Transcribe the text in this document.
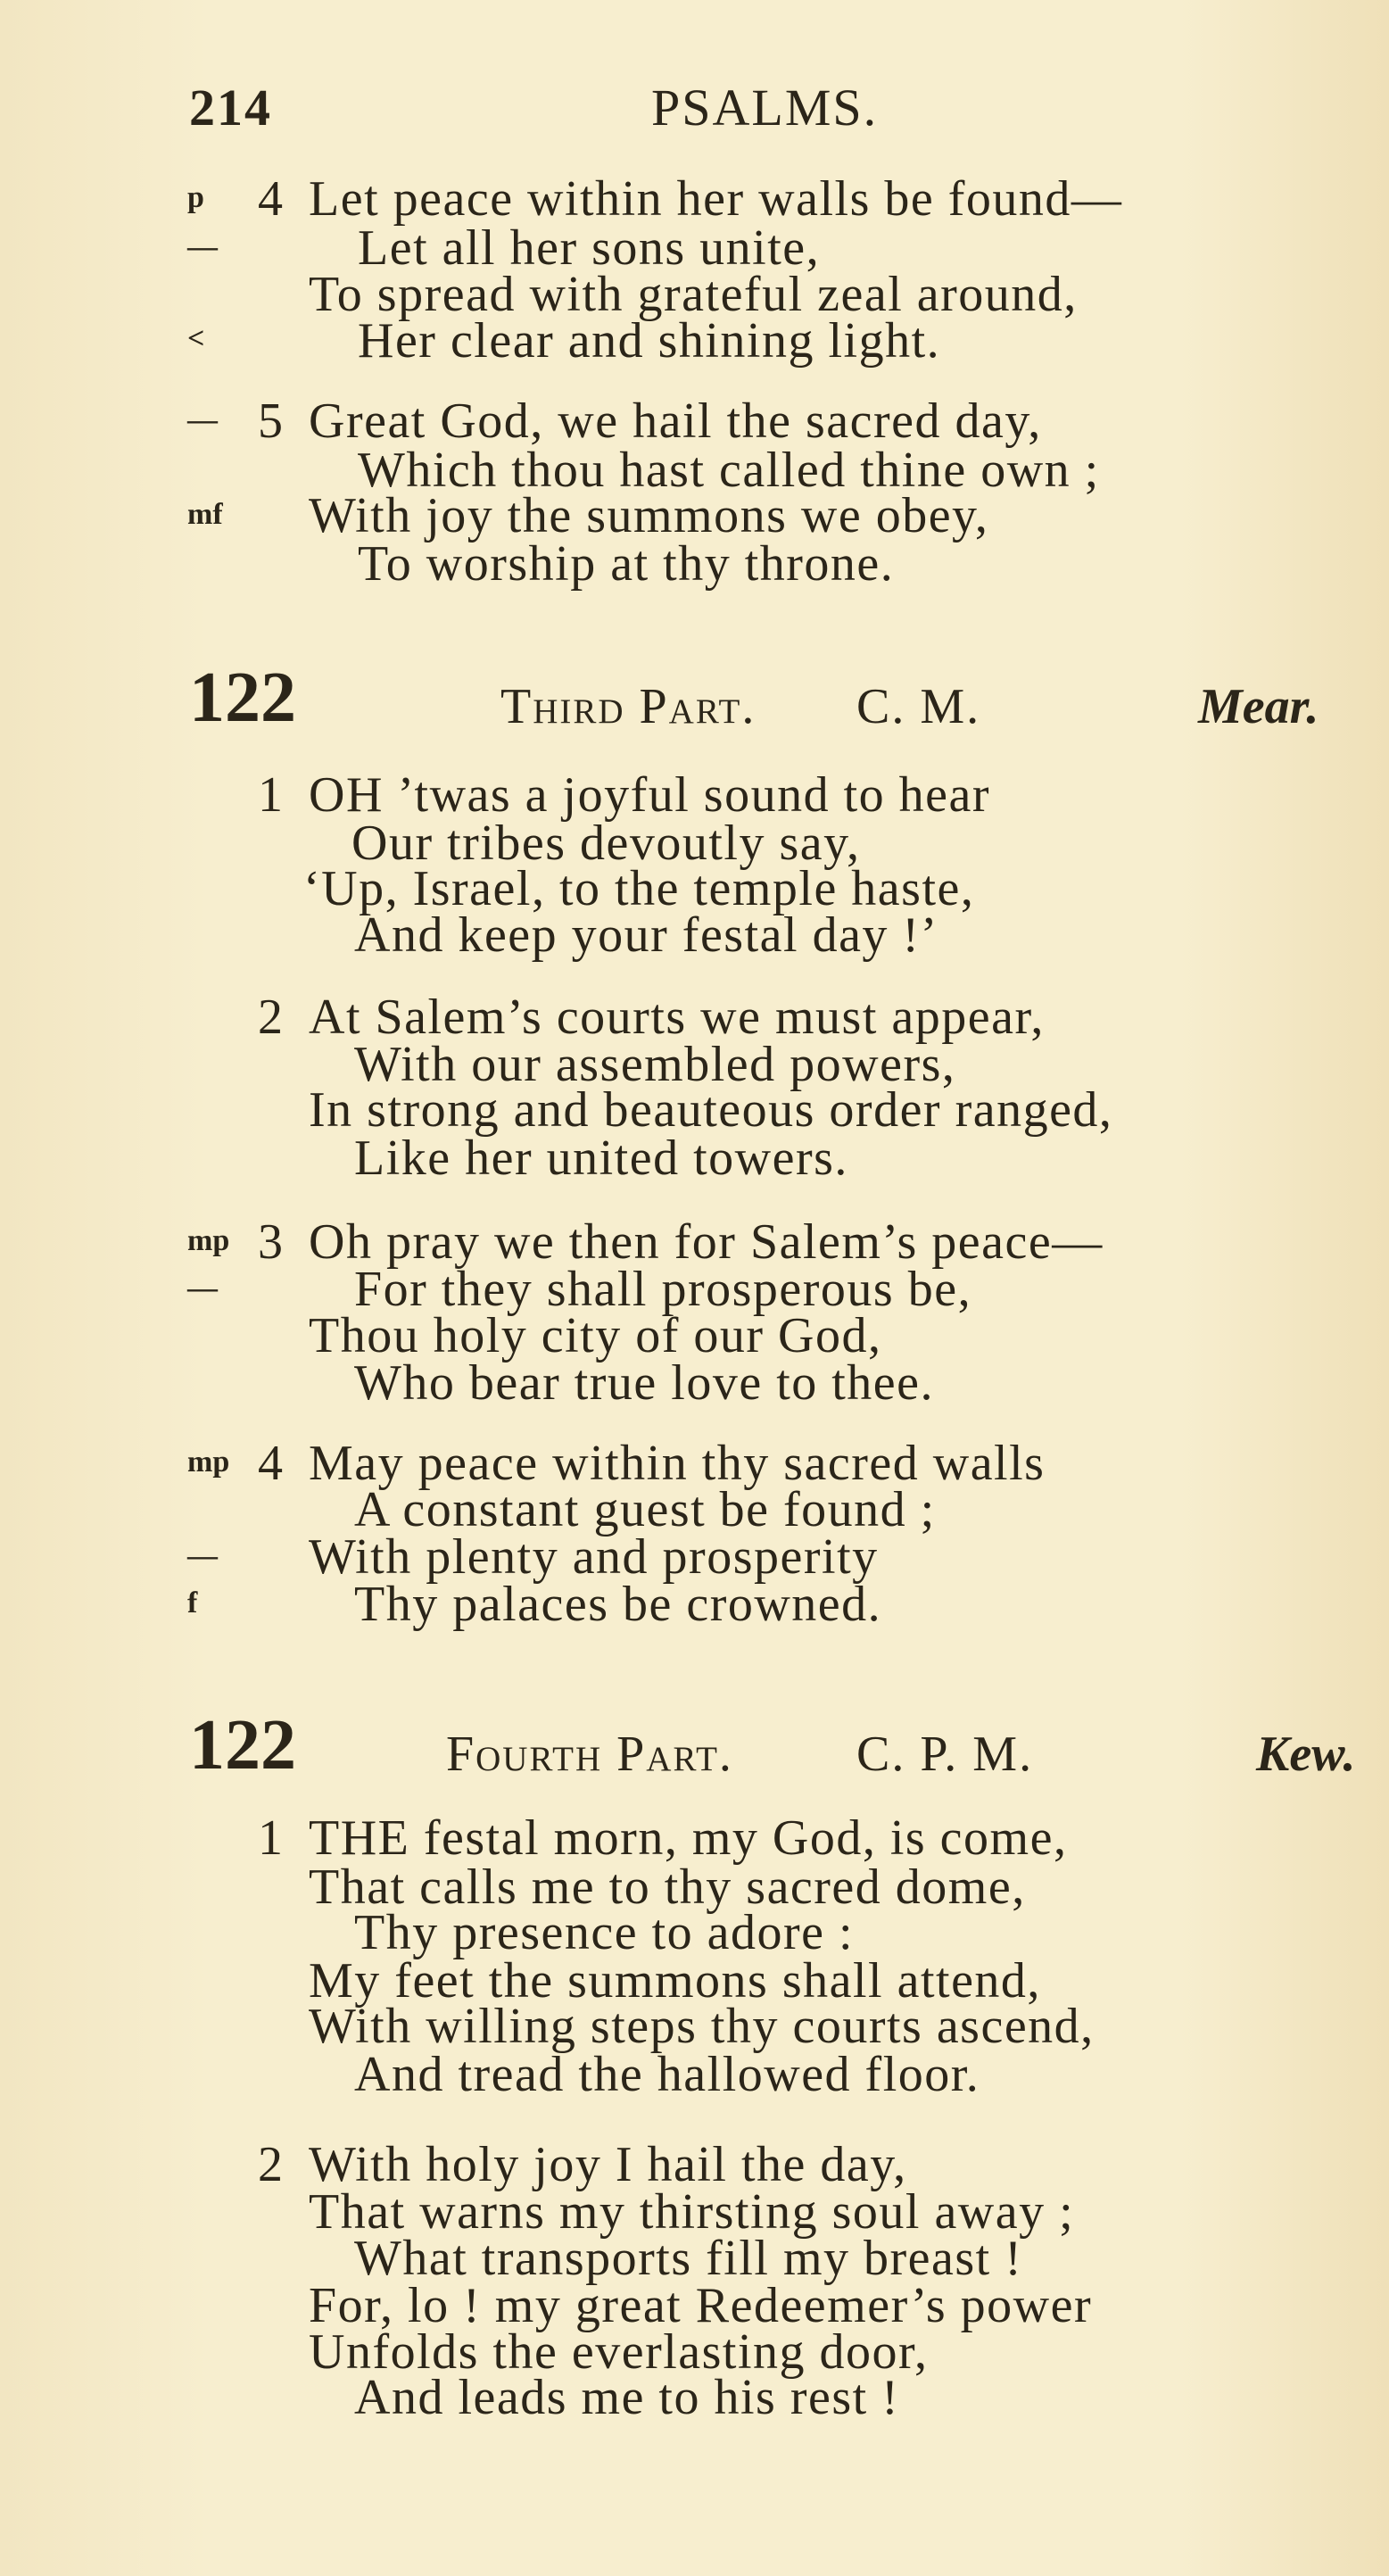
214	PSALMS.
4
p Let peace within her walls be found—
—	Let all her sons unite,
To spread with grateful zeal around,
<	Her clear and shining light.
5
— Great God, we hail the sacred day,
Which thou hast called thine own ;
mf With joy the summons we obey,
To worship at thy throne.
122	Third Part. C. M.	Mear.
1 OH ’twas a joyful sound to hear
Our tribes devoutly say,
‘Up, Israel, to the temple haste,
And keep your festal day !’
2 At Salem’s courts we must appear,
With our assembled powers,
In strong and beauteous order ranged,
Like her united towers.
3
mp Oh pray we then for Salem’s peace—
—	For they shall prosperous be,
Thou holy city of our God,
Who bear true love to thee.
4
mp May peace within thy sacred walls
A constant guest be found ;
— With plenty and prosperity
f	Thy palaces be crowned.
122	Fourth Part. C. P. M.	Kew.
1 THE festal morn, my God, is come,
That calls me to thy sacred dome,
Thy presence to adore :
My feet the summons shall attend,
With willing steps thy courts ascend,
And tread the hallowed floor.
2 With holy joy I hail the day,
That warns my thirsting soul away ;
What transports fill my breast !
For, lo ! my great Redeemer’s power
Unfolds the everlasting door,
And leads me to his rest !
